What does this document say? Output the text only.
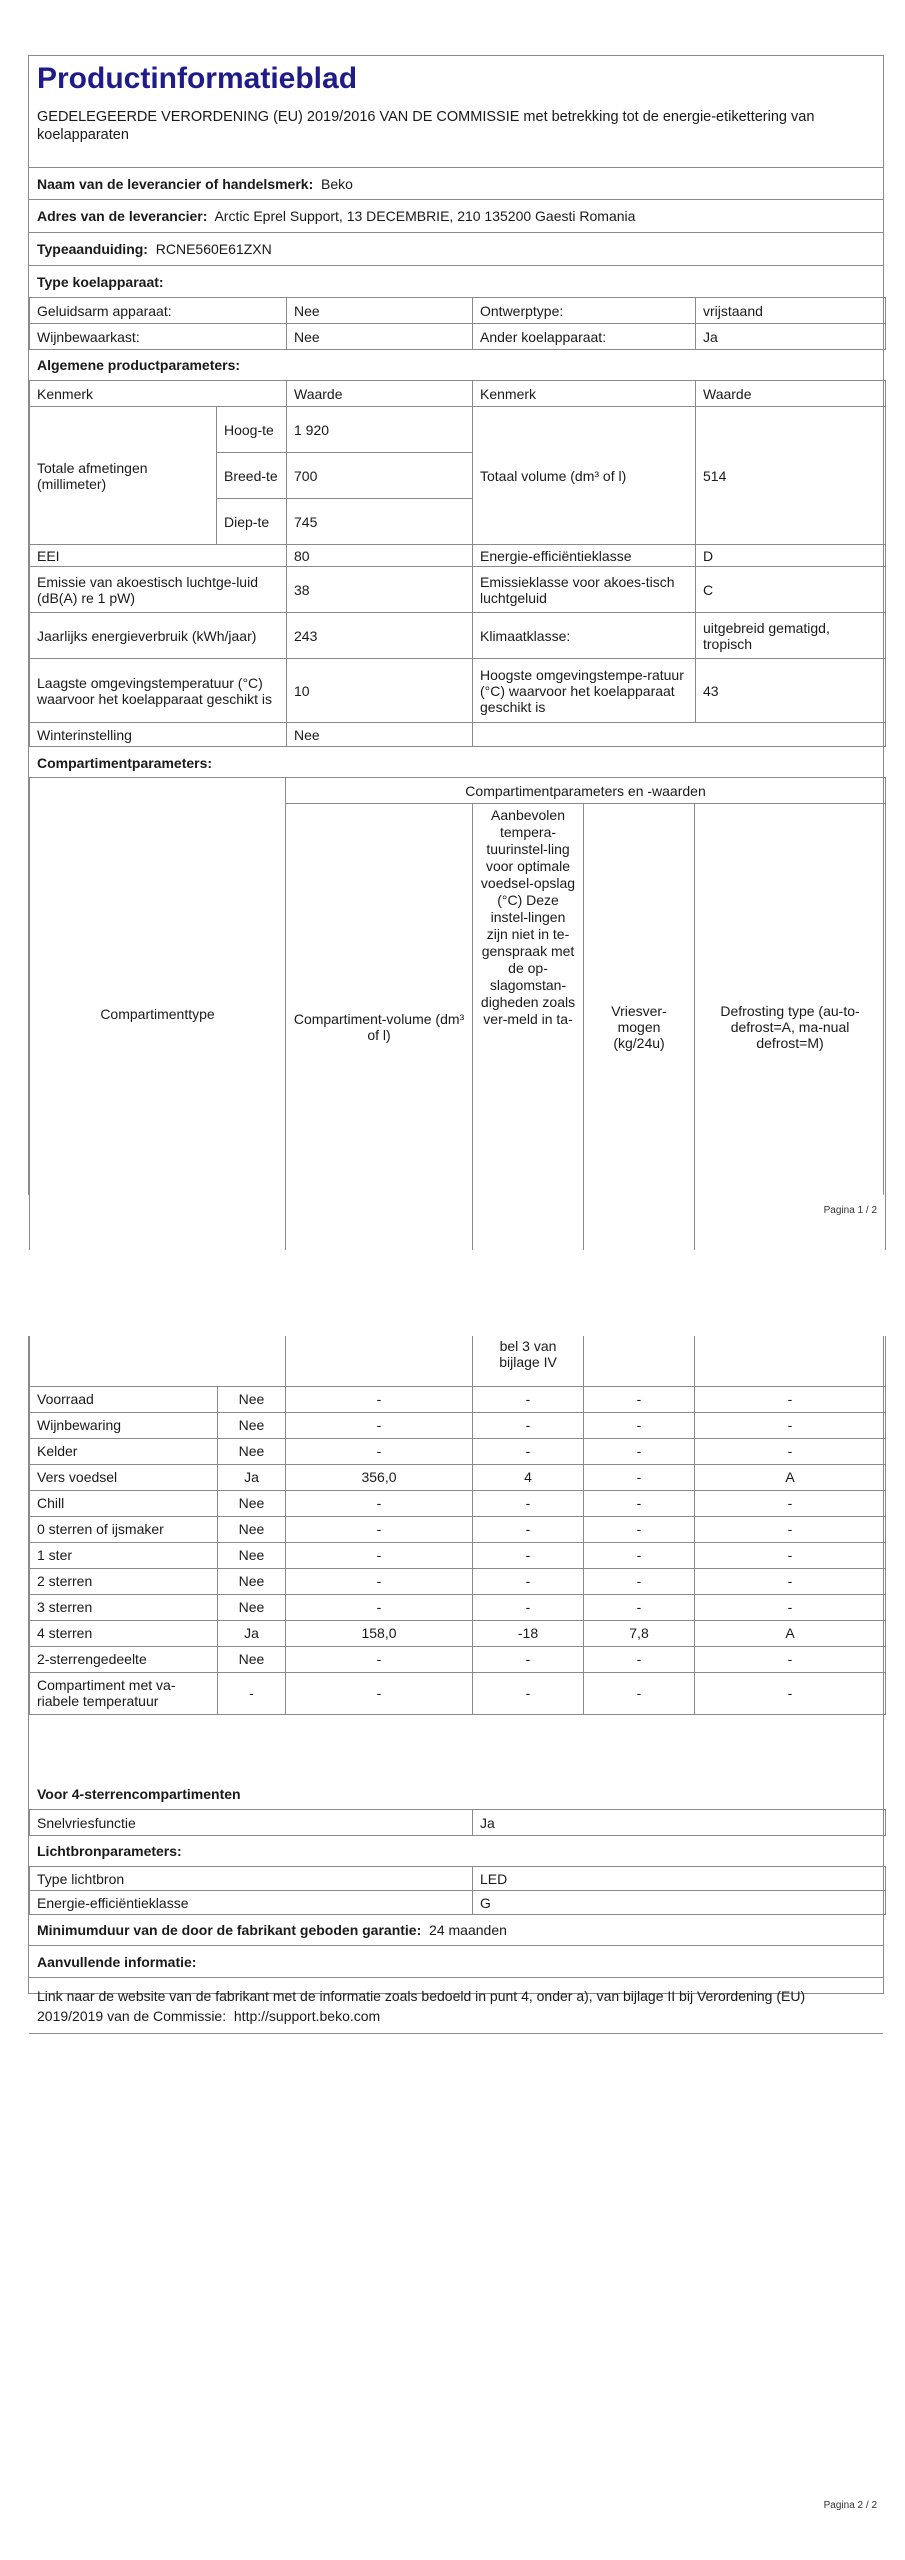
Productinformatieblad
GEDELEGEERDE VERORDENING (EU) 2019/2016 VAN DE COMMISSIE met betrekking tot de energie-etikettering van koelapparaten
Naam van de leverancier of handelsmerk: Beko
Adres van de leverancier: Arctic Eprel Support, 13 DECEMBRIE, 210 135200 Gaesti Romania
Typeaanduiding: RCNE560E61ZXN
Type koelapparaat:
Geluidsarm apparaat:	Nee	Ontwerptype:	vrijstaand
Wijnbewaarkast:	Nee	Ander koelapparaat:	Ja
Algemene productparameters:
Kenmerk		Waarde	Kenmerk	Waarde
Totale afmetingen (millimeter)	Hoog-te	1 920	Totaal volume (dm³ of l)	514
	Breed-te	700		
	Diep-te	745		
EEI		80	Energie-efficiëntieklasse	D
Emissie van akoestisch luchtge-luid (dB(A) re 1 pW)		38	Emissieklasse voor akoes-tisch luchtgeluid	C
Jaarlijks energieverbruik (kWh/jaar)		243	Klimaatklasse:	uitgebreid gematigd, tropisch
Laagste omgevingstemperatuur (°C) waarvoor het koelapparaat geschikt is		10	Hoogste omgevingstempe-ratuur (°C) waarvoor het koelapparaat geschikt is	43
Winterinstelling		Nee		
Compartimentparameters:
Compartimenttype	Compartimentparameters en -waarden			
	Compartiment-volume (dm³ of l)	Aanbevolen tempera-tuurinstel-ling voor optimale voedsel-opslag (°C) Deze instel-lingen zijn niet in te-genspraak met de op-slagomstan-digheden zoals ver-meld in ta-	Vriesver-mogen (kg/24u)	Defrosting type (au-to-defrost=A, ma-nual defrost=M)
Pagina 1 / 2
			bel 3 van bijlage IV		
Voorraad	Nee	-	-	-	-
Wijnbewaring	Nee	-	-	-	-
Kelder	Nee	-	-	-	-
Vers voedsel	Ja	356,0	4	-	A
Chill	Nee	-	-	-	-
0 sterren of ijsmaker	Nee	-	-	-	-
1 ster	Nee	-	-	-	-
2 sterren	Nee	-	-	-	-
3 sterren	Nee	-	-	-	-
4 sterren	Ja	158,0	-18	7,8	A
2-sterrengedeelte	Nee	-	-	-	-
Compartiment met va-riabele temperatuur	-	-	-	-	-
Voor 4-sterrencompartimenten
Snelvriesfunctie	Ja
Lichtbronparameters:
Type lichtbron	LED
Energie-efficiëntieklasse	G
Minimumduur van de door de fabrikant geboden garantie: 24 maanden
Aanvullende informatie:
Link naar de website van de fabrikant met de informatie zoals bedoeld in punt 4, onder a), van bijlage II bij Verordening (EU) 2019/2019 van de Commissie: http://support.beko.com
Pagina 2 / 2
